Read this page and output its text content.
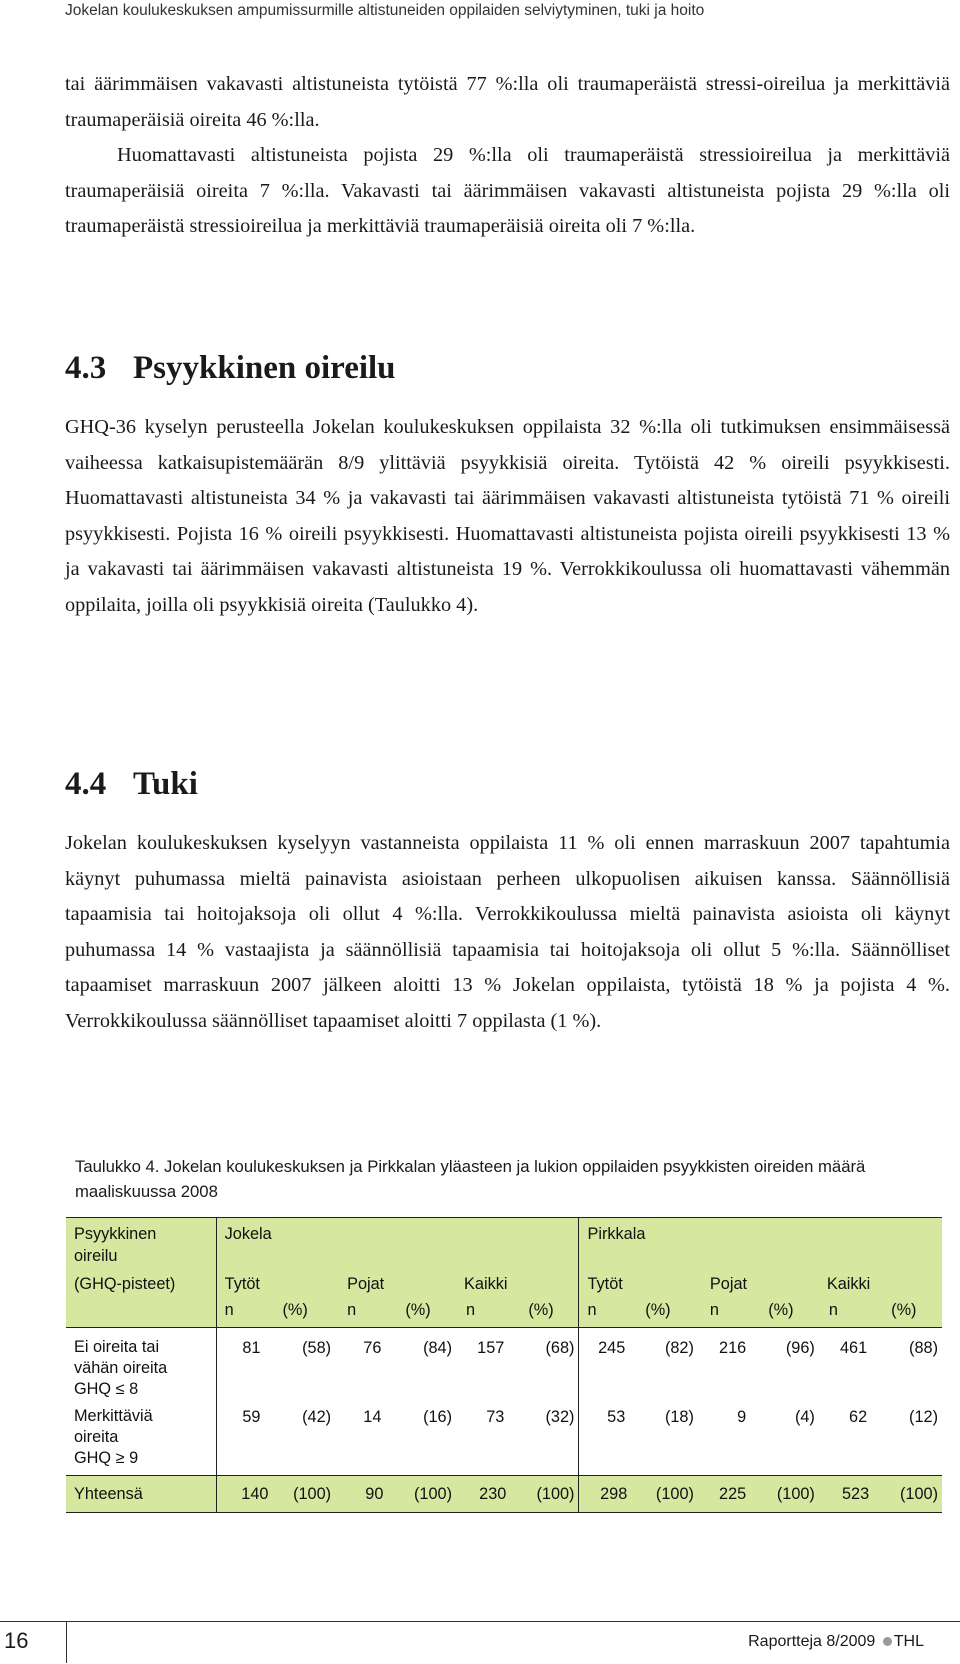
Jokelan koulukeskuksen ampumissurmille altistuneiden oppilaiden selviytyminen, tuki ja hoito

tai äärimmäisen vakavasti altistuneista tytöistä 77 %:lla oli traumaperäistä stressi-oireilua ja merkittäviä traumaperäisiä oireita 46 %:lla.

Huomattavasti altistuneista pojista 29 %:lla oli traumaperäistä stressioireilua ja merkittäviä traumaperäisiä oireita 7 %:lla. Vakavasti tai äärimmäisen vakavasti altistuneista pojista 29 %:lla oli traumaperäistä stressioireilua ja merkittäviä traumaperäisiä oireita oli 7 %:lla.

4.3 Psyykkinen oireilu

GHQ-36 kyselyn perusteella Jokelan koulukeskuksen oppilaista 32 %:lla oli tutkimuksen ensimmäisessä vaiheessa katkaisupistemäärän 8/9 ylittäviä psyykkisiä oireita. Tytöistä 42 % oireili psyykkisesti. Huomattavasti altistuneista 34 % ja vakavasti tai äärimmäisen vakavasti altistuneista tytöistä 71 % oireili psyykkisesti. Pojista 16 % oireili psyykkisesti. Huomattavasti altistuneista pojista oireili psyykkisesti 13 % ja vakavasti tai äärimmäisen vakavasti altistuneista 19 %. Verrokkikoulussa oli huomattavasti vähemmän oppilaita, joilla oli psyykkisiä oireita (Taulukko 4).

4.4 Tuki

Jokelan koulukeskuksen kyselyyn vastanneista oppilaista 11 % oli ennen marraskuun 2007 tapahtumia käynyt puhumassa mieltä painavista asioistaan perheen ulkopuolisen aikuisen kanssa. Säännöllisiä tapaamisia tai hoitojaksoja oli ollut 4 %:lla. Verrokkikoulussa mieltä painavista asioista oli käynyt puhumassa 14 % vastaajista ja säännöllisiä tapaamisia tai hoitojaksoja oli ollut 5 %:lla. Säännölliset tapaamiset marraskuun 2007 jälkeen aloitti 13 % Jokelan oppilaista, tytöistä 18 % ja pojista 4 %. Verrokkikoulussa säännölliset tapaamiset aloitti 7 oppilasta (1 %).

Taulukko 4. Jokelan koulukeskuksen ja Pirkkalan yläasteen ja lukion oppilaiden psyykkisten oireiden määrä maaliskuussa 2008

Psyykkinen	Jokela						Pirkkala					
oireilu												
(GHQ-pisteet)	Tytöt		Pojat		Kaikki		Tytöt		Pojat		Kaikki	
	n	(%)	n	(%)	n	(%)	n	(%)	n	(%)	n	(%)
Ei oireita tai
vähän oireita
GHQ ≤ 8	81	(58)	76	(84)	157	(68)	245	(82)	216	(96)	461	(88)
Merkittäviä
oireita
GHQ ≥ 9	59	(42)	14	(16)	73	(32)	53	(18)	9	(4)	62	(12)
Yhteensä	140	(100)	90	(100)	230	(100)	298	(100)	225	(100)	523	(100)
16	Raportteja 8/2009 THL
